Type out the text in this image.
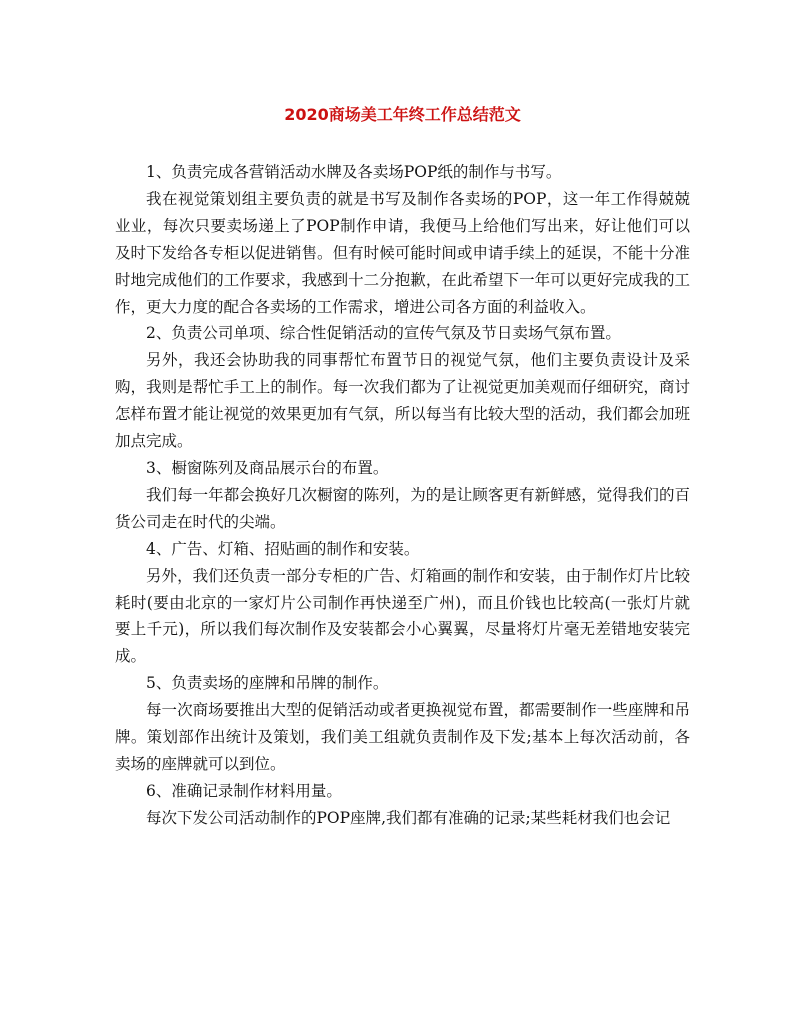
2020商场美工年终工作总结范文

1、负责完成各营销活动水牌及各卖场POP纸的制作与书写。

我在视觉策划组主要负责的就是书写及制作各卖场的POP，这一年工作得兢兢业业，每次只要卖场递上了POP制作申请，我便马上给他们写出来，好让他们可以及时下发给各专柜以促进销售。但有时候可能时间或申请手续上的延误，不能十分准时地完成他们的工作要求，我感到十二分抱歉，在此希望下一年可以更好完成我的工作，更大力度的配合各卖场的工作需求，增进公司各方面的利益收入。

2、负责公司单项、综合性促销活动的宣传气氛及节日卖场气氛布置。

另外，我还会协助我的同事帮忙布置节日的视觉气氛，他们主要负责设计及采购，我则是帮忙手工上的制作。每一次我们都为了让视觉更加美观而仔细研究，商讨怎样布置才能让视觉的效果更加有气氛，所以每当有比较大型的活动，我们都会加班加点完成。

3、橱窗陈列及商品展示台的布置。

我们每一年都会换好几次橱窗的陈列，为的是让顾客更有新鲜感，觉得我们的百货公司走在时代的尖端。

4、广告、灯箱、招贴画的制作和安装。

另外，我们还负责一部分专柜的广告、灯箱画的制作和安装，由于制作灯片比较耗时(要由北京的一家灯片公司制作再快递至广州)，而且价钱也比较高(一张灯片就要上千元)，所以我们每次制作及安装都会小心翼翼，尽量将灯片毫无差错地安装完成。

5、负责卖场的座牌和吊牌的制作。

每一次商场要推出大型的促销活动或者更换视觉布置，都需要制作一些座牌和吊牌。策划部作出统计及策划，我们美工组就负责制作及下发;基本上每次活动前，各卖场的座牌就可以到位。

6、准确记录制作材料用量。

每次下发公司活动制作的POP座牌,我们都有准确的记录;某些耗材我们也会记
